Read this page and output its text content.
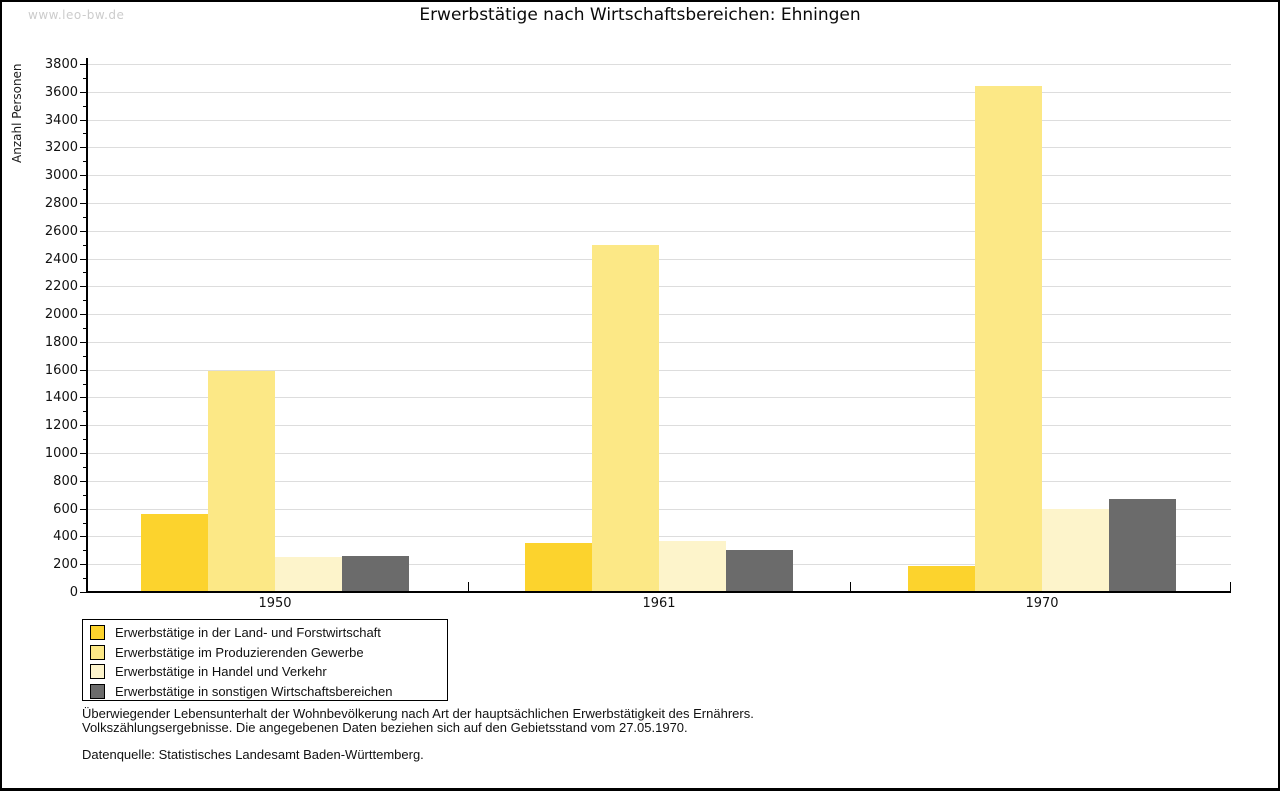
www.leo-bw.de	Erwerbstätige nach Wirtschaftsbereichen: Ehningen
Anzahl Personen
0
200
400
600
800
1000
1200
1400
1600
1800
2000
2200
2400
2600
2800
3000
3200
3400
3600
3800
1950	1961	1970
Erwerbstätige in der Land- und Forstwirtschaft
Erwerbstätige im Produzierenden Gewerbe
Erwerbstätige in Handel und Verkehr
Erwerbstätige in sonstigen Wirtschaftsbereichen
Überwiegender Lebensunterhalt der Wohnbevölkerung nach Art der hauptsächlichen Erwerbstätigkeit des Ernährers.
Volkszählungsergebnisse. Die angegebenen Daten beziehen sich auf den Gebietsstand vom 27.05.1970.
Datenquelle: Statistisches Landesamt Baden-Württemberg.
